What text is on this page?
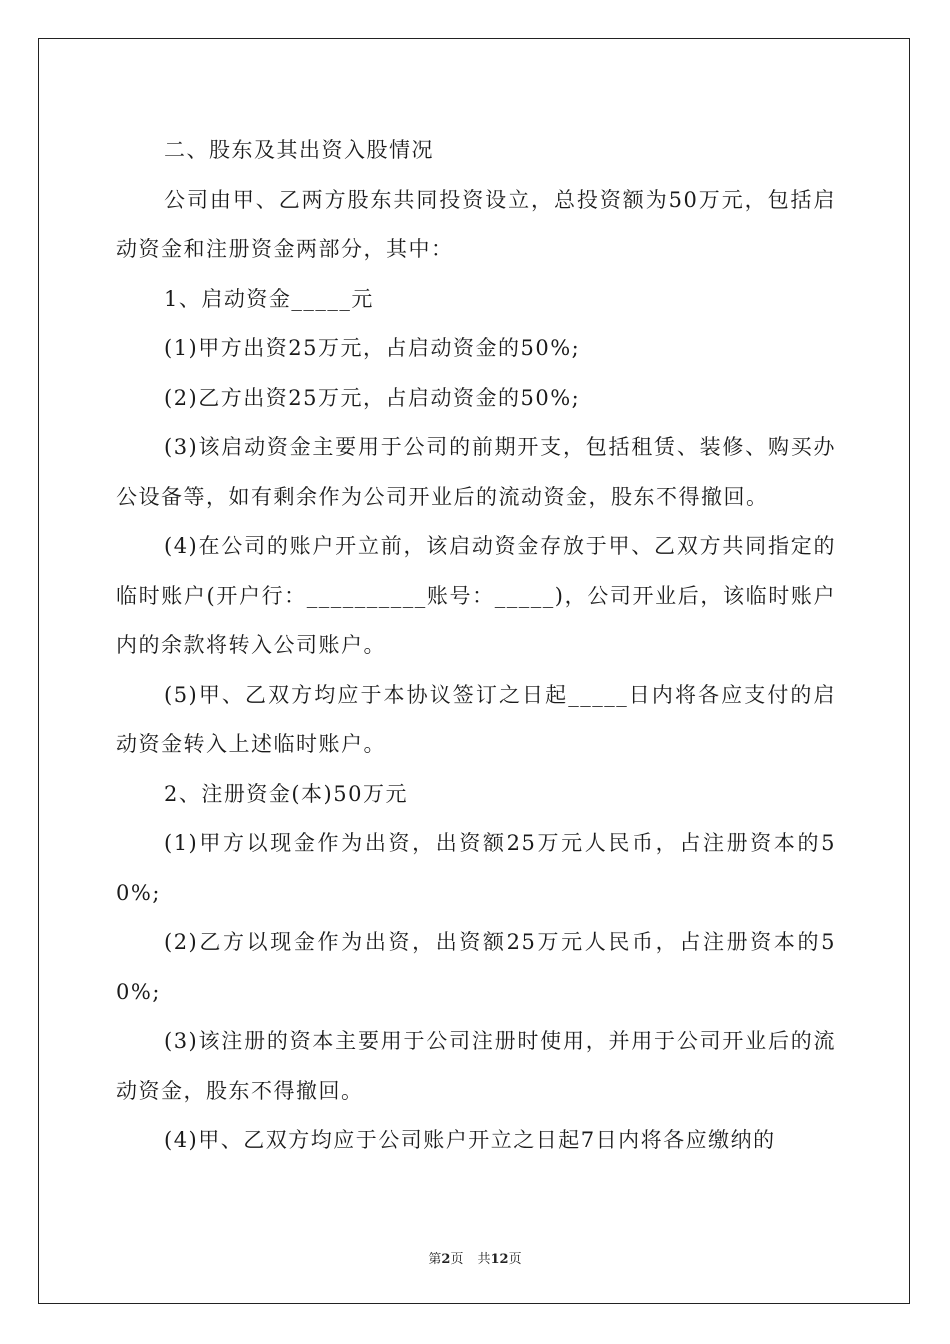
二、股东及其出资入股情况

公司由甲、乙两方股东共同投资设立，总投资额为50万元，包括启动资金和注册资金两部分，其中：

1、启动资金_____元

(1)甲方出资25万元，占启动资金的50%;

(2)乙方出资25万元，占启动资金的50%;

(3)该启动资金主要用于公司的前期开支，包括租赁、装修、购买办公设备等，如有剩余作为公司开业后的流动资金，股东不得撤回。

(4)在公司的账户开立前，该启动资金存放于甲、乙双方共同指定的临时账户(开户行：__________账号：_____)，公司开业后，该临时账户内的余款将转入公司账户。

(5)甲、乙双方均应于本协议签订之日起_____日内将各应支付的启动资金转入上述临时账户。

2、注册资金(本)50万元

(1)甲方以现金作为出资，出资额25万元人民币，占注册资本的50%;

(2)乙方以现金作为出资，出资额25万元人民币，占注册资本的50%;

(3)该注册的资本主要用于公司注册时使用，并用于公司开业后的流动资金，股东不得撤回。

(4)甲、乙双方均应于公司账户开立之日起7日内将各应缴纳的

第2页 共12页
